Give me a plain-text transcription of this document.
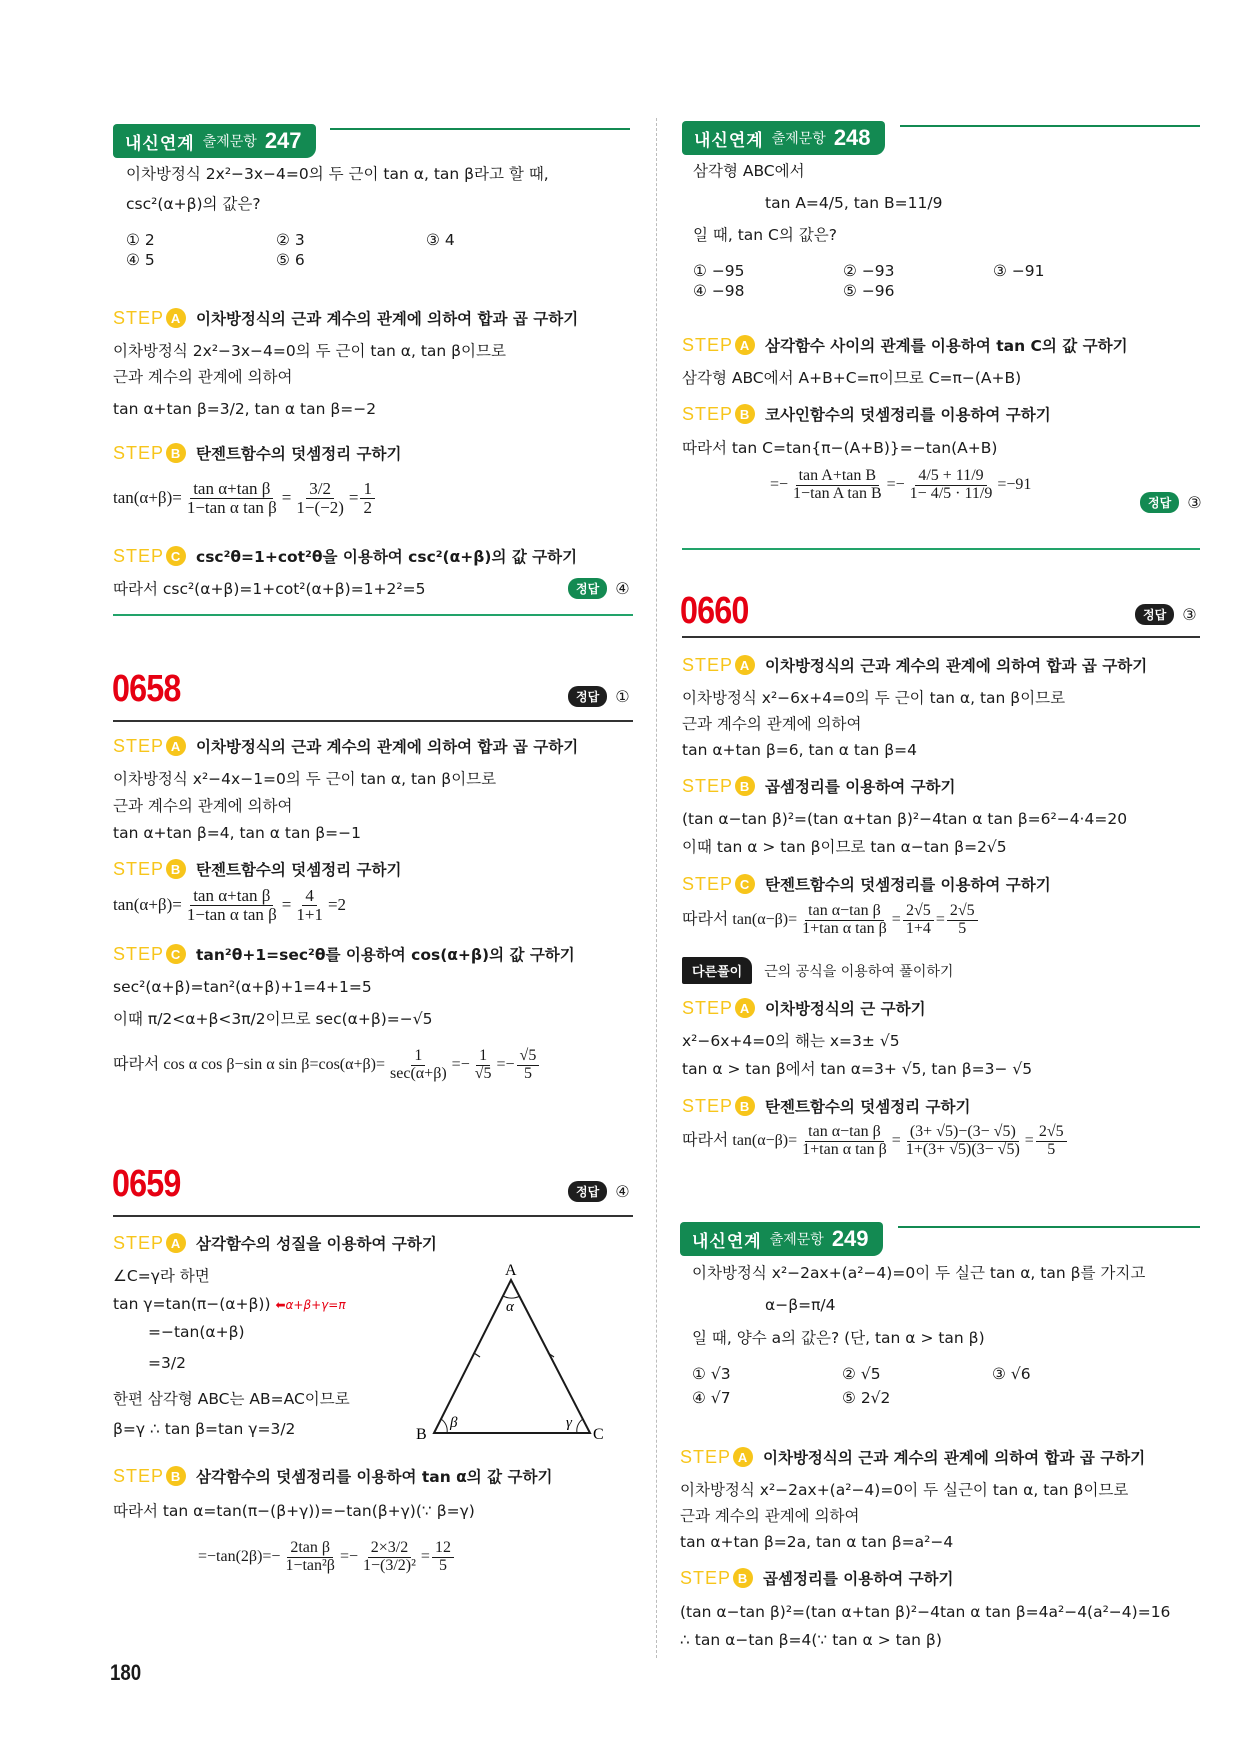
내신연계 출제문항 247
이차방정식 2x²−3x−4=0의 두 근이 tan α, tan β라고 할 때,
csc²(α+β)의 값은?
① 2	② 3	③ 4
④ 5	⑤ 6
STEP A 이차방정식의 근과 계수의 관계에 의하여 합과 곱 구하기
이차방정식 2x²−3x−4=0의 두 근이 tan α, tan β이므로
근과 계수의 관계에 의하여
tan α+tan β=3/2, tan α tan β=−2
STEP B 탄젠트함수의 덧셈정리 구하기
$\tan(\alpha+\beta)= \frac{\text{tan α+tan β}}{\text{1−tan α tan β}} = \frac{3/2}{1-(-2)} = \frac{1}{2}$
STEP C csc²θ=1+cot²θ을 이용하여 csc²(α+β)의 값 구하기
따라서 csc²(α+β)=1+cot²(α+β)=1+2²=5	정답	④
0658	정답	①
STEP A 이차방정식의 근과 계수의 관계에 의하여 합과 곱 구하기
이차방정식 x²−4x−1=0의 두 근이 tan α, tan β이므로
근과 계수의 관계에 의하여
tan α+tan β=4, tan α tan β=−1
STEP B 탄젠트함수의 덧셈정리 구하기
$\tan(\alpha+\beta)= \frac{\text{tan α+tan β}}{\text{1−tan α tan β}} = \frac{4}{1+1} =2$
STEP C tan²θ+1=sec²θ를 이용하여 cos(α+β)의 값 구하기
sec²(α+β)=tan²(α+β)+1=4+1=5
이때 π/2<α+β<3π/2이므로 sec(α+β)=−√5
따라서 cos α cos β−sin α $\sin \beta=\cos(\alpha+\beta)= \frac{1}{\sec(\alpha+\beta)} =- \frac{1}{√5} =- \frac{√5}{5}$
0659	정답	④
STEP A 삼각함수의 성질을 이용하여 구하기
∠C=γ라 하면
tan γ=tan(π−(α+β)) ⬅α+β+γ=π
=−tan(α+β)
=3/2
한편 삼각형 ABC는 AB=AC이므로
β=γ ∴ tan β=tan γ=3/2
A
B	C
α
β	γ
STEP B 삼각함수의 덧셈정리를 이용하여 tan α의 값 구하기
따라서 tan α=tan(π−(β+γ))=−tan(β+γ)(∵ β=γ)
$=-\tan(2\beta)=- \frac{\text{2tan β}}{\text{1−tan²β}} =- \frac{2\times 3/2}{\text{1−(3/2)²}} = \frac{12}{5}$
180
내신연계 출제문항 248
삼각형 ABC에서
tan A=4/5, tan B=11/9
일 때, tan C의 값은?
① −95	② −93	③ −91
④ −98	⑤ −96
STEP A 삼각함수 사이의 관계를 이용하여 tan C의 값 구하기
삼각형 ABC에서 A+B+C=π이므로 C=π−(A+B)
STEP B 코사인함수의 덧셈정리를 이용하여 구하기
따라서 tan C=tan{π−(A+B)}=−tan(A+B)
=− $\frac{\text{tan A+tan B}}{\text{1−tan A tan B}} =- \frac{4/5 + 11/9}{1- 4/5 \cdot 11/9} =-91$
정답	③
0660	정답	③
STEP A 이차방정식의 근과 계수의 관계에 의하여 합과 곱 구하기
이차방정식 x²−6x+4=0의 두 근이 tan α, tan β이므로
근과 계수의 관계에 의하여
tan α+tan β=6, tan α tan β=4
STEP B 곱셈정리를 이용하여 구하기
(tan α−tan β)²=(tan α+tan β)²−4tan α tan β=6²−4·4=20
이때 tan α > tan β이므로 tan α−tan β=2√5
STEP C 탄젠트함수의 덧셈정리를 이용하여 구하기
따라서 $\tan(\alpha-\beta)= \frac{\text{tan α−tan β}}{\text{1+tan α tan β}} = \frac{2√5}{1+4} = \frac{2√5}{5}$
다른풀이	근의 공식을 이용하여 풀이하기
STEP A 이차방정식의 근 구하기
x²−6x+4=0의 해는 x=3± √5
tan α > tan β에서 tan α=3+ √5, tan β=3− √5
STEP B 탄젠트함수의 덧셈정리 구하기
따라서 $\tan(\alpha-\beta)= \frac{\text{tan α−tan β}}{\text{1+tan α tan β}} = \frac{(3+ √5)-(3- √5)}{1+(3+ √5)(3- √5)} = \frac{2√5}{5}$
내신연계 출제문항 249
이차방정식 x²−2ax+(a²−4)=0이 두 실근 tan α, tan β를 가지고
α−β=π/4
일 때, 양수 a의 값은? (단, tan α > tan β)
① √3	② √5	③ √6
④ √7	⑤ 2√2
STEP A 이차방정식의 근과 계수의 관계에 의하여 합과 곱 구하기
이차방정식 x²−2ax+(a²−4)=0이 두 실근이 tan α, tan β이므로
근과 계수의 관계에 의하여
tan α+tan β=2a, tan α tan β=a²−4
STEP B 곱셈정리를 이용하여 구하기
(tan α−tan β)²=(tan α+tan β)²−4tan α tan β=4a²−4(a²−4)=16
∴ tan α−tan β=4(∵ tan α > tan β)
